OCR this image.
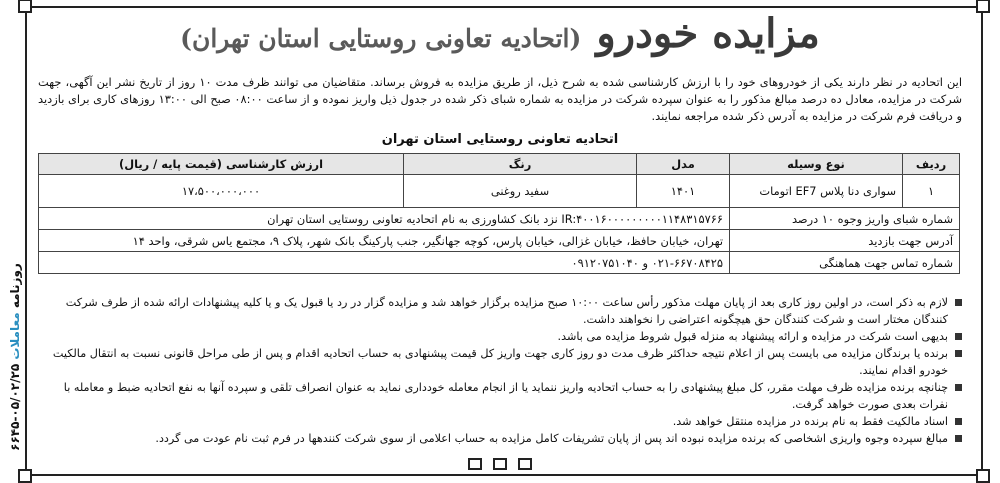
مزایده خودرو (اتحادیه تعاونی روستایی استان تهران)
این اتحادیه در نظر دارند یکی از خودروهای خود را با ارزش کارشناسی شده به شرح ذیل، از طریق مزایده به فروش برساند. متقاضیان می توانند ظرف مدت ۱۰ روز از تاریخ نشر این آگهی، جهت شرکت در مزایده، معادل ده درصد مبالغ مذکور را به عنوان سپرده شرکت در مزایده به شماره شبای ذکر شده در جدول ذیل واریز نموده و از ساعت ۰۸:۰۰ صبح الی ۱۳:۰۰ روزهای کاری برای بازدید و دریافت فرم شرکت در مزایده به آدرس ذکر شده مراجعه نمایند.
اتحادیه تعاونی روستایی استان تهران
ردیف	نوع وسیله	مدل	رنگ	ارزش کارشناسی (قیمت پایه / ریال)
۱	سواری دنا پلاس EF7 اتومات	۱۴۰۱	سفید روغنی	۱۷،۵۰۰،۰۰۰،۰۰۰
شماره شبای واریز وجوه ۱۰ درصد		IR:۴۰۰۱۶۰۰۰۰۰۰۰۰۰۱۱۴۸۳۱۵۷۶۶ نزد بانک کشاورزی به نام اتحادیه تعاونی روستایی استان تهران		
آدرس جهت بازدید		تهران، خیابان حافظ، خیابان غزالی، خیابان پارس، کوچه جهانگیر، جنب پارکینگ بانک شهر، پلاک ۹، مجتمع یاس شرقی، واحد ۱۴		
شماره تماس جهت هماهنگی		۰۲۱-۶۶۷۰۸۴۲۵ و ۰۹۱۲۰۷۵۱۰۴۰		
لازم به ذکر است، در اولین روز کاری بعد از پایان مهلت مذکور رأس ساعت ۱۰:۰۰ صبح مزایده برگزار خواهد شد و مزایده گزار در رد یا قبول یک و یا کلیه پیشنهادات ارائه شده از طرف شرکت کنندگان مختار است و شرکت کنندگان حق هیچگونه اعتراضی را نخواهند داشت.
بدیهی است شرکت در مزایده و ارائه پیشنهاد به منزله قبول شروط مزایده می باشد.
برنده یا برندگان مزایده می بایست پس از اعلام نتیجه حداکثر ظرف مدت دو روز کاری جهت واریز کل قیمت پیشنهادی به حساب اتحادیه اقدام و پس از طی مراحل قانونی نسبت به انتقال مالکیت خودرو اقدام نمایند.
چنانچه برنده مزایده ظرف مهلت مقرر، کل مبلغ پیشنهادی را به حساب اتحادیه واریز ننماید یا از انجام معامله خودداری نماید به عنوان انصراف تلقی و سپرده آنها به نفع اتحادیه ضبط و معامله با نفرات بعدی صورت خواهد گرفت.
اسناد مالکیت فقط به نام برنده در مزایده منتقل خواهد شد.
مبالغ سپرده وجوه واریزی اشخاصی که برنده مزایده نبوده اند پس از پایان تشریفات کامل مزایده به حساب اعلامی از سوی شرکت کنندهها در فرم ثبت نام عودت می گردد.
روزنامه معاملات ۰۵/۰۲/۲۵-۶۶۴۵
